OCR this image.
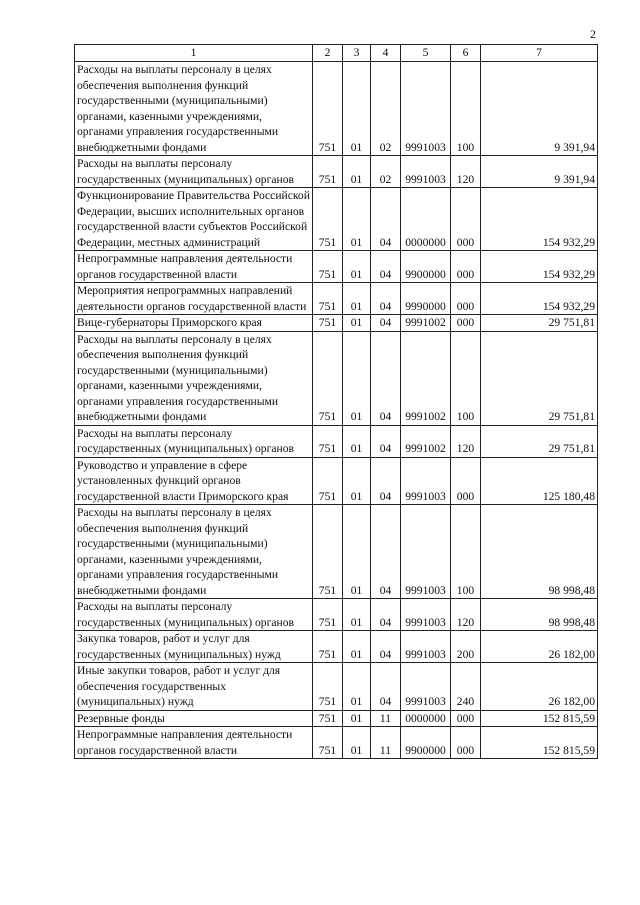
2
1	2	3	4	5	6	7
Расходы на выплаты персоналу в целях обеспечения выполнения функций государственными (муниципальными) органами, казенными учреждениями, органами управления государственными внебюджетными фондами	751	01	02	9991003	100	9 391,94
Расходы на выплаты персоналу государственных (муниципальных) органов	751	01	02	9991003	120	9 391,94
Функционирование Правительства Российской Федерации, высших исполнительных органов государственной власти субъектов Российской Федерации, местных администраций	751	01	04	0000000	000	154 932,29
Непрограммные направления деятельности органов государственной власти	751	01	04	9900000	000	154 932,29
Мероприятия непрограммных направлений деятельности органов государственной власти	751	01	04	9990000	000	154 932,29
Вице-губернаторы Приморского края	751	01	04	9991002	000	29 751,81
Расходы на выплаты персоналу в целях обеспечения выполнения функций государственными (муниципальными) органами, казенными учреждениями, органами управления государственными внебюджетными фондами	751	01	04	9991002	100	29 751,81
Расходы на выплаты персоналу государственных (муниципальных) органов	751	01	04	9991002	120	29 751,81
Руководство и управление в сфере установленных функций органов государственной власти Приморского края	751	01	04	9991003	000	125 180,48
Расходы на выплаты персоналу в целях обеспечения выполнения функций государственными (муниципальными) органами, казенными учреждениями, органами управления государственными внебюджетными фондами	751	01	04	9991003	100	98 998,48
Расходы на выплаты персоналу государственных (муниципальных) органов	751	01	04	9991003	120	98 998,48
Закупка товаров, работ и услуг для государственных (муниципальных) нужд	751	01	04	9991003	200	26 182,00
Иные закупки товаров, работ и услуг для обеспечения государственных (муниципальных) нужд	751	01	04	9991003	240	26 182,00
Резервные фонды	751	01	11	0000000	000	152 815,59
Непрограммные направления деятельности органов государственной власти	751	01	11	9900000	000	152 815,59
